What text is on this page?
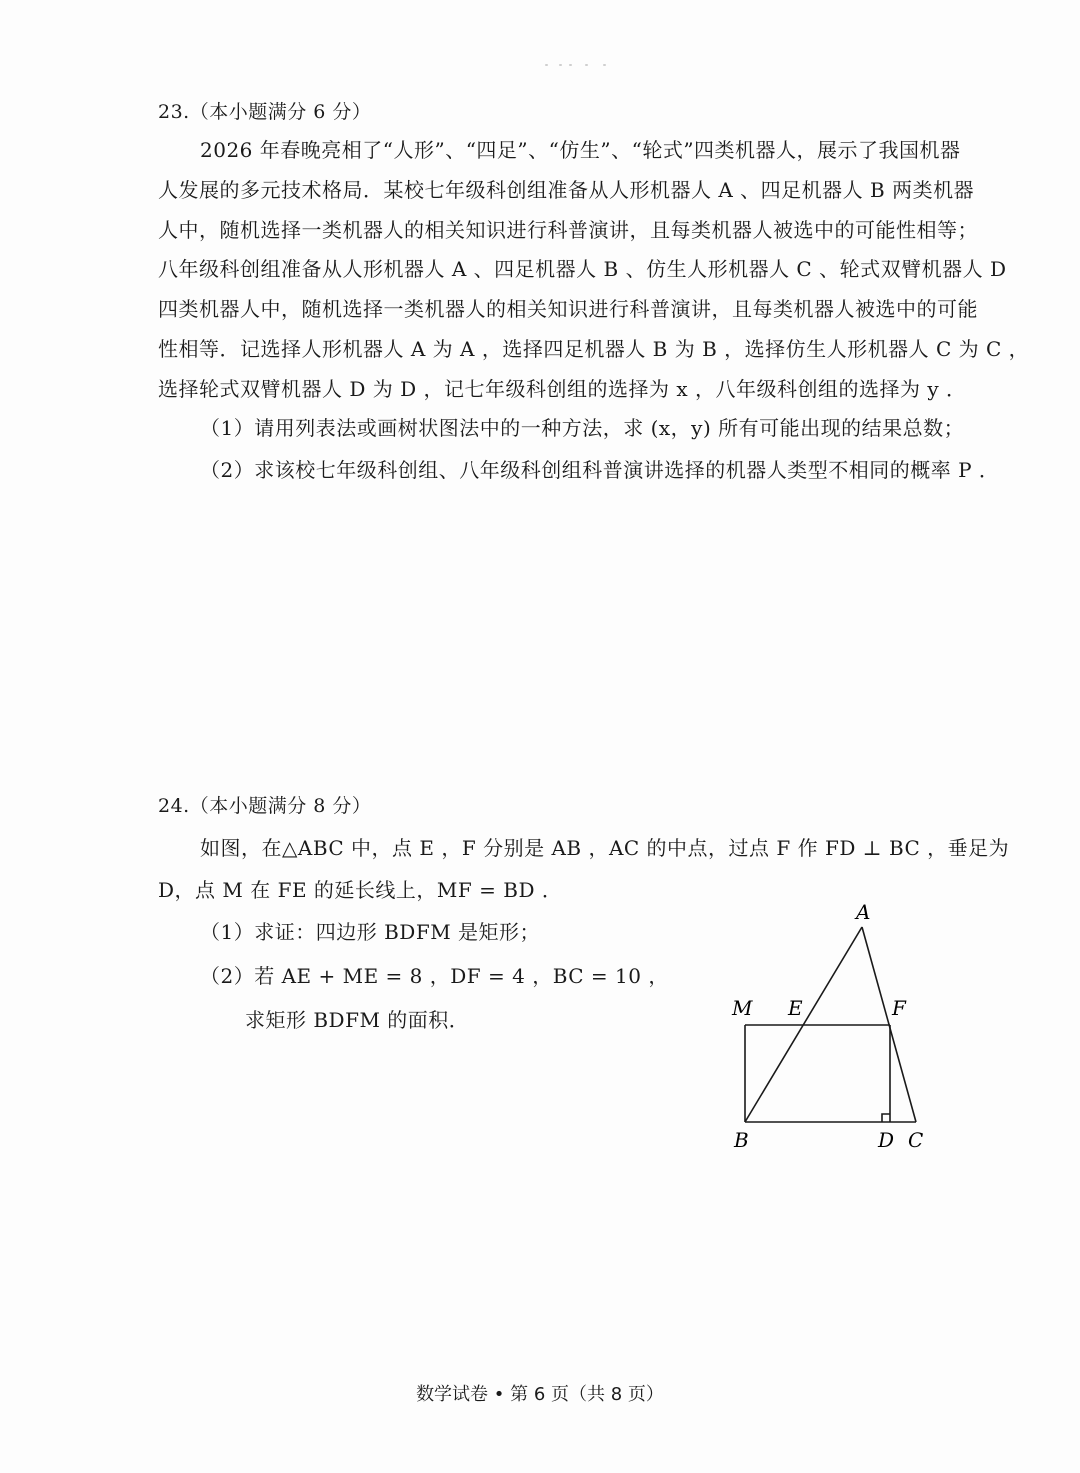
23.（本小题满分 6 分）
2026 年春晚亮相了“人形”、“四足”、“仿生”、“轮式”四类机器人，展示了我国机器
人发展的多元技术格局．某校七年级科创组准备从人形机器人 A 、四足机器人 B 两类机器
人中，随机选择一类机器人的相关知识进行科普演讲，且每类机器人被选中的可能性相等；
八年级科创组准备从人形机器人 A 、四足机器人 B 、仿生人形机器人 C 、轮式双臂机器人 D
四类机器人中，随机选择一类机器人的相关知识进行科普演讲，且每类机器人被选中的可能
性相等．记选择人形机器人 A 为 A ，选择四足机器人 B 为 B ，选择仿生人形机器人 C 为 C ，
选择轮式双臂机器人 D 为 D ，记七年级科创组的选择为 x ，八年级科创组的选择为 y ．
（1）请用列表法或画树状图法中的一种方法，求 (x，y) 所有可能出现的结果总数；
（2）求该校七年级科创组、八年级科创组科普演讲选择的机器人类型不相同的概率 P ．
24.（本小题满分 8 分）
如图，在△ABC 中，点 E ，F 分别是 AB ，AC 的中点，过点 F 作 FD ⊥ BC ，垂足为
D，点 M 在 FE 的延长线上，MF = BD ．
（1）求证：四边形 BDFM 是矩形；
（2）若 AE + ME = 8 ，DF = 4 ，BC = 10 ，
求矩形 BDFM 的面积．
A
M E	F
B	D C
数学试卷 • 第 6 页（共 8 页）
